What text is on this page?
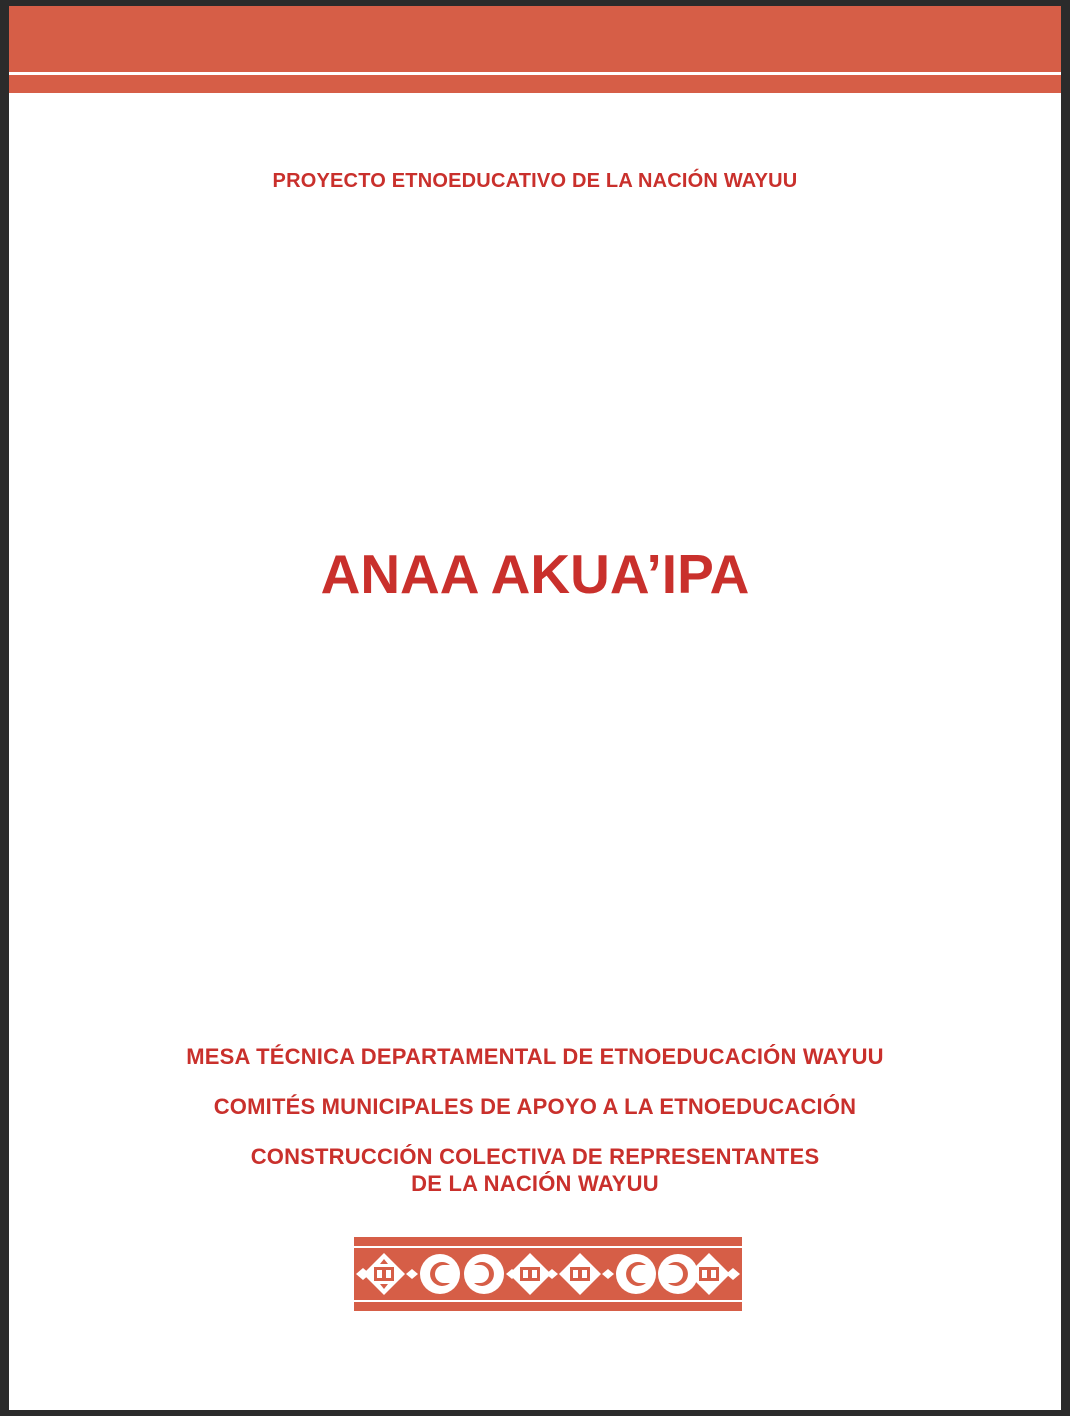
PROYECTO ETNOEDUCATIVO DE LA NACIÓN WAYUU
ANAA AKUA’IPA
MESA TÉCNICA DEPARTAMENTAL DE ETNOEDUCACIÓN WAYUU
COMITÉS MUNICIPALES DE APOYO A LA ETNOEDUCACIÓN
CONSTRUCCIÓN COLECTIVA DE REPRESENTANTES
DE LA NACIÓN WAYUU
